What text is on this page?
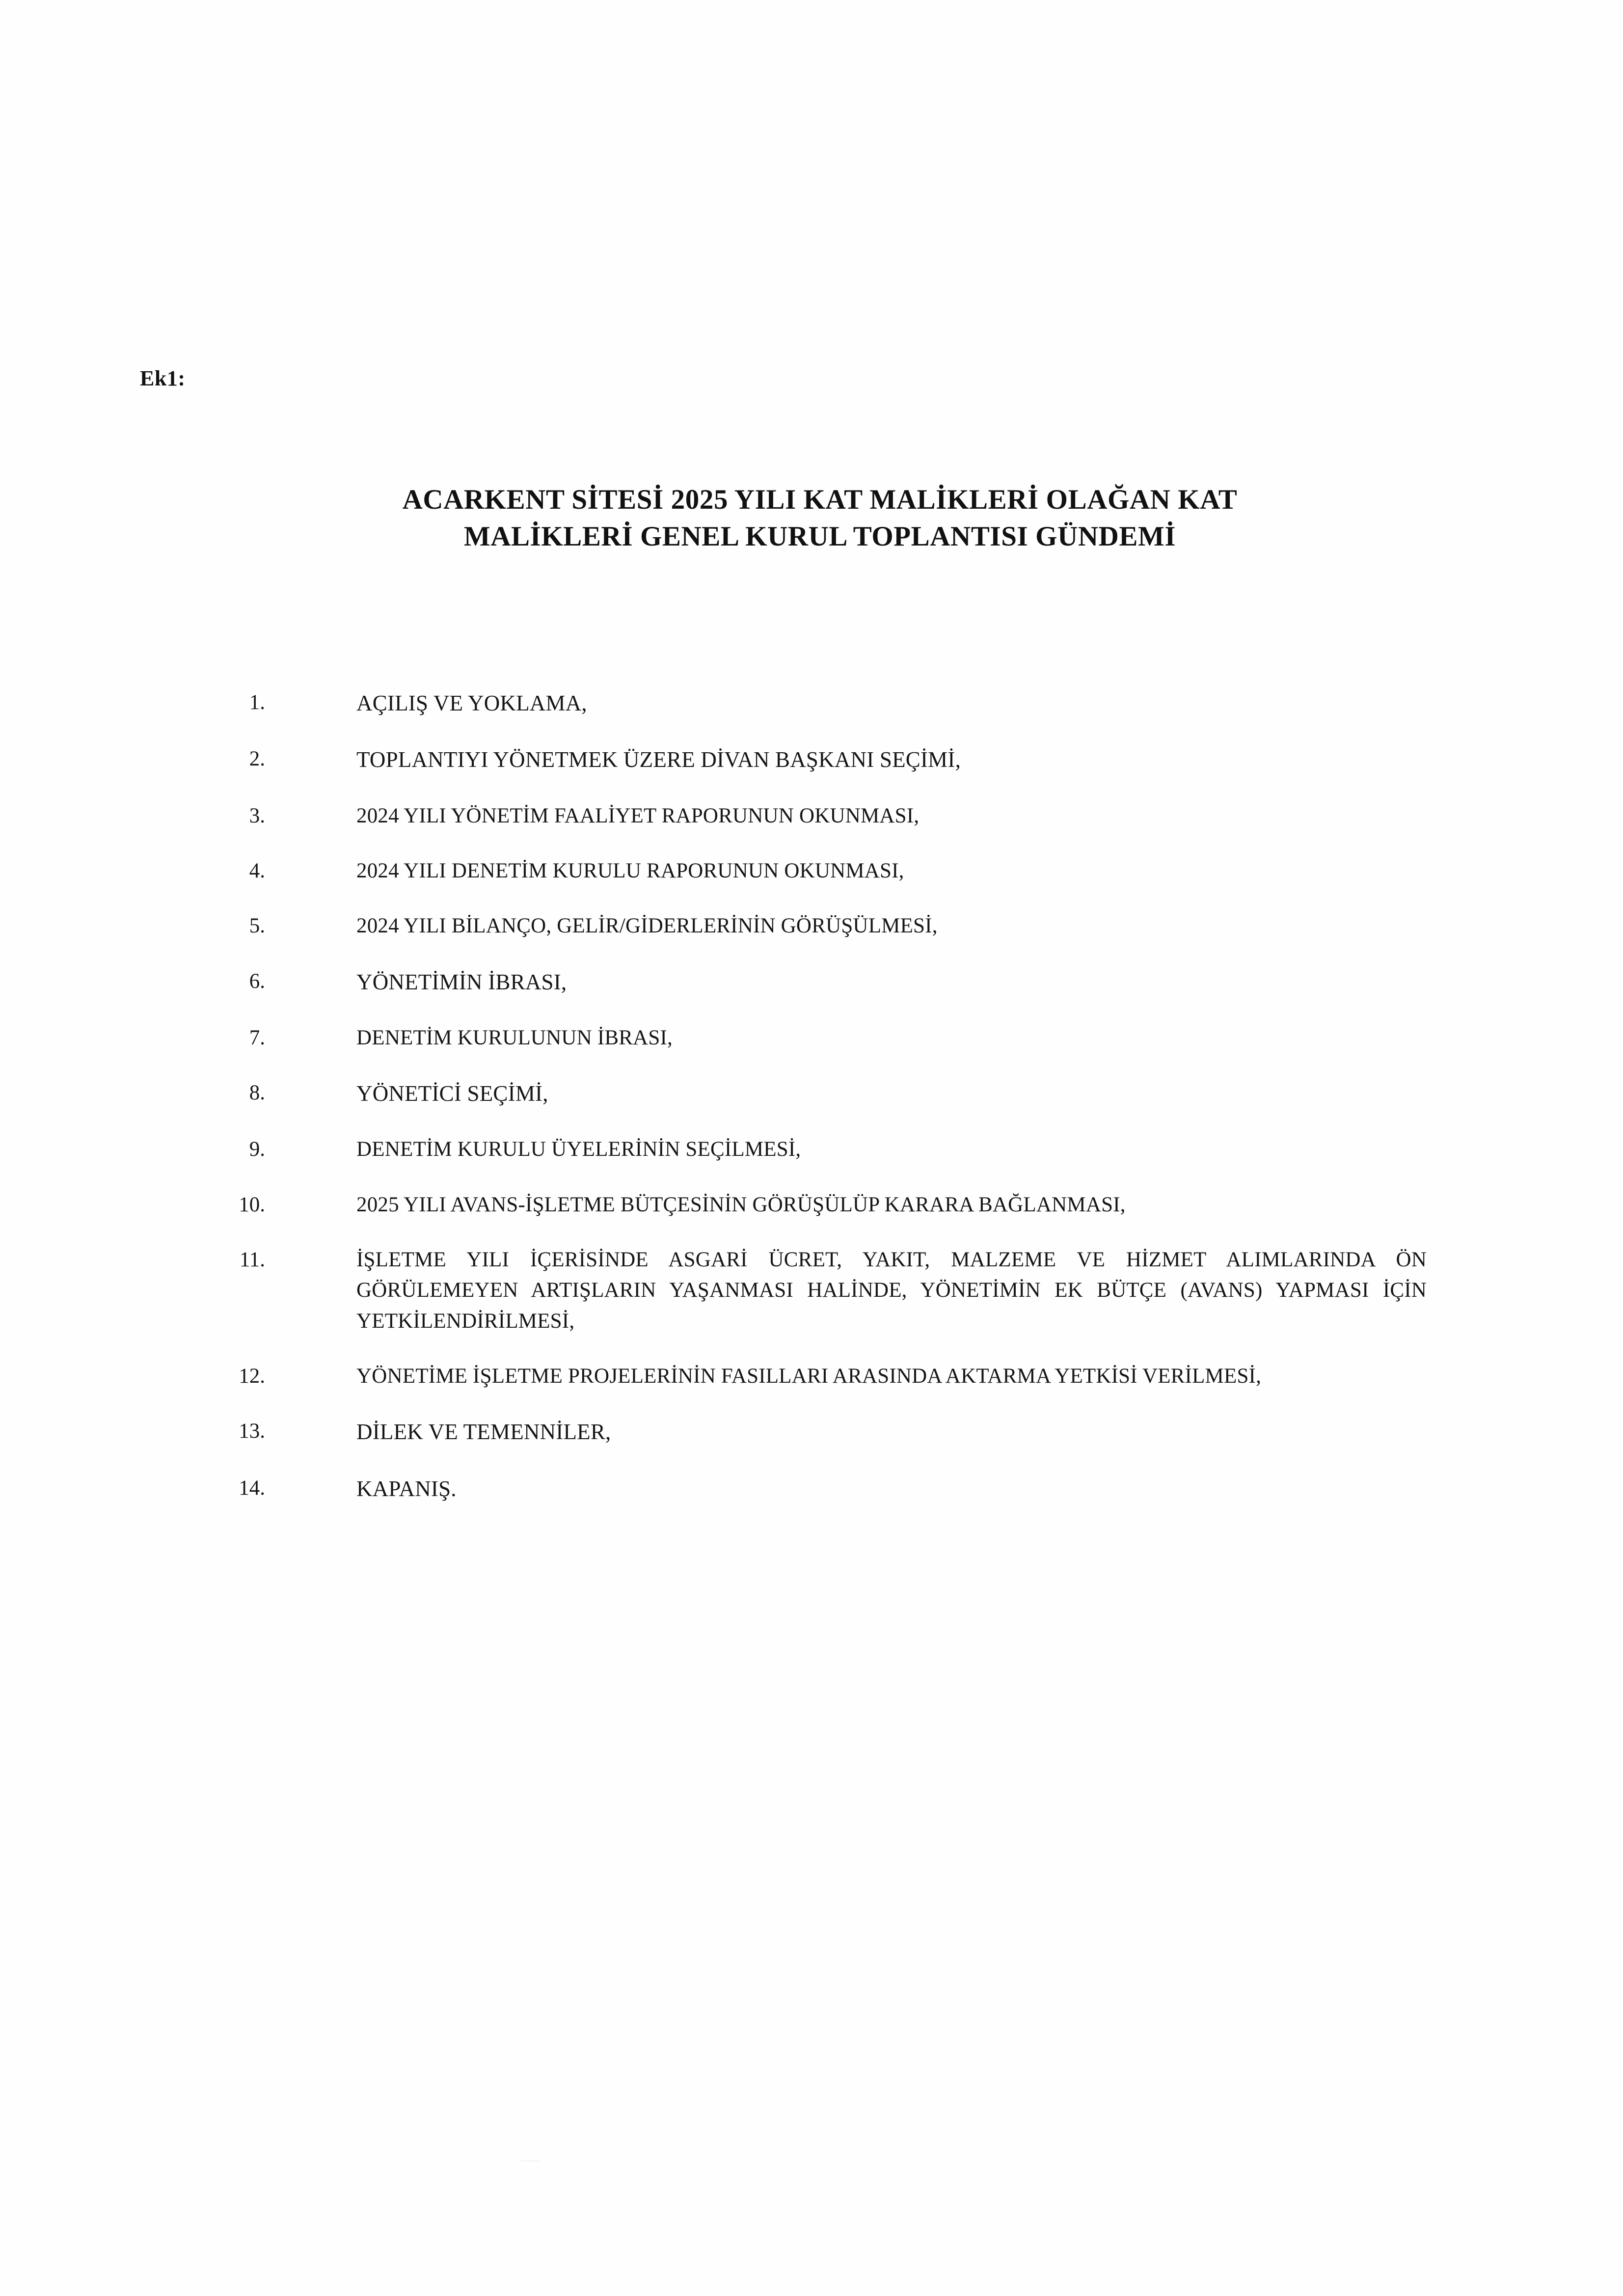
Ek1:
ACARKENT SİTESİ 2025 YILI KAT MALİKLERİ OLAĞAN KAT
MALİKLERİ GENEL KURUL TOPLANTISI GÜNDEMİ
1.	AÇILIŞ VE YOKLAMA,
2.	TOPLANTIYI YÖNETMEK ÜZERE DİVAN BAŞKANI SEÇİMİ,
3.	2024 YILI YÖNETİM FAALİYET RAPORUNUN OKUNMASI,
4.	2024 YILI DENETİM KURULU RAPORUNUN OKUNMASI,
5.	2024 YILI BİLANÇO, GELİR/GİDERLERİNİN GÖRÜŞÜLMESİ,
6.	YÖNETİMİN İBRASI,
7.	DENETİM KURULUNUN İBRASI,
8.	YÖNETİCİ SEÇİMİ,
9.	DENETİM KURULU ÜYELERİNİN SEÇİLMESİ,
10.	2025 YILI AVANS-İŞLETME BÜTÇESİNİN GÖRÜŞÜLÜP KARARA BAĞLANMASI,
11.	İŞLETME YILI İÇERİSİNDE ASGARİ ÜCRET, YAKIT, MALZEME VE HİZMET ALIMLARINDA ÖN GÖRÜLEMEYEN ARTIŞLARIN YAŞANMASI HALİNDE, YÖNETİMİN EK BÜTÇE (AVANS) YAPMASI İÇİN YETKİLENDİRİLMESİ,
12.	YÖNETİME İŞLETME PROJELERİNİN FASILLARI ARASINDA AKTARMA YETKİSİ VERİLMESİ,
13.	DİLEK VE TEMENNİLER,
14.	KAPANIŞ.
